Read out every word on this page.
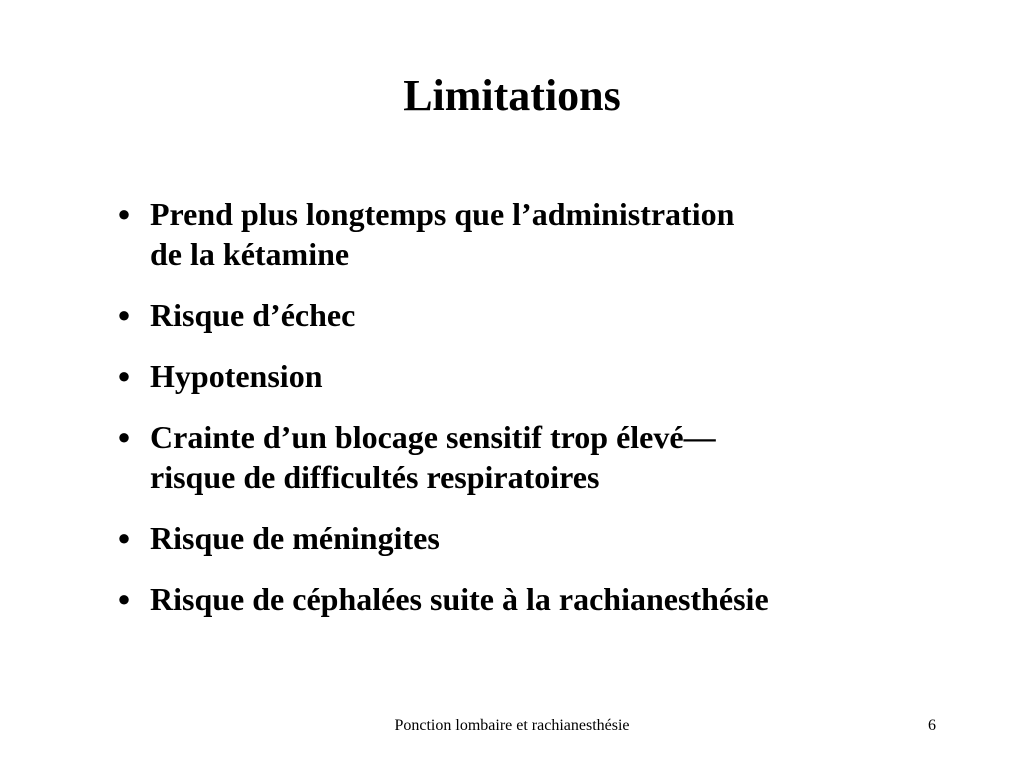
Limitations
● Prend plus longtemps que l’administration
de la kétamine
● Risque d’échec
● Hypotension
● Crainte d’un blocage sensitif trop élevé—
risque de difficultés respiratoires
● Risque de méningites
● Risque de céphalées suite à la rachianesthésie
Ponction lombaire et rachianesthésie	6
